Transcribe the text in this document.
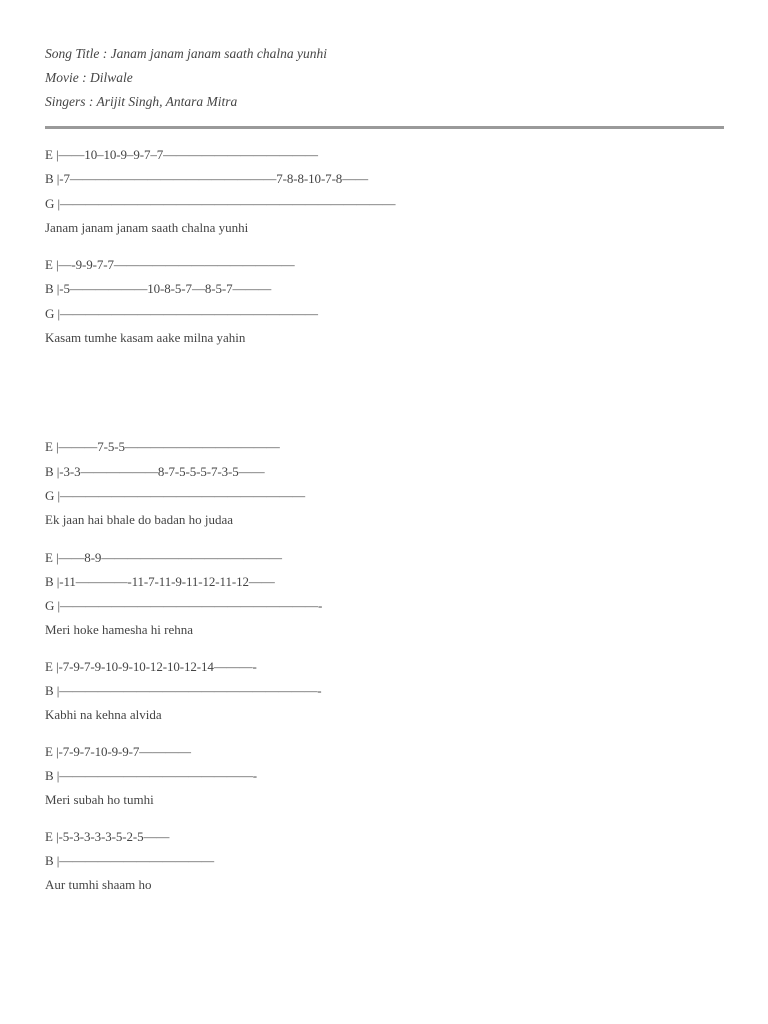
Song Title : Janam janam janam saath chalna yunhi
Movie : Dilwale
Singers : Arijit Singh, Antara Mitra
E |——10–10-9–9-7–7————————————
B |-7————————————————7-8-8-10-7-8——
G |——————————————————————————
Janam janam janam saath chalna yunhi
E |—-9-9-7-7——————————————
B |-5——————10-8-5-7—8-5-7———
G |————————————————————
Kasam tumhe kasam aake milna yahin
E |———7-5-5————————————
B |-3-3——————8-7-5-5-5-7-3-5——
G |———————————————————
Ek jaan hai bhale do badan ho judaa
E |——8-9——————————————
B |-11————-11-7-11-9-11-12-11-12——
G |————————————————————-
Meri hoke hamesha hi rehna
E |-7-9-7-9-10-9-10-12-10-12-14———-
B |————————————————————-
Kabhi na kehna alvida
E |-7-9-7-10-9-9-7————
B |———————————————-
Meri subah ho tumhi
E |-5-3-3-3-3-5-2-5——
B |————————————
Aur tumhi shaam ho
